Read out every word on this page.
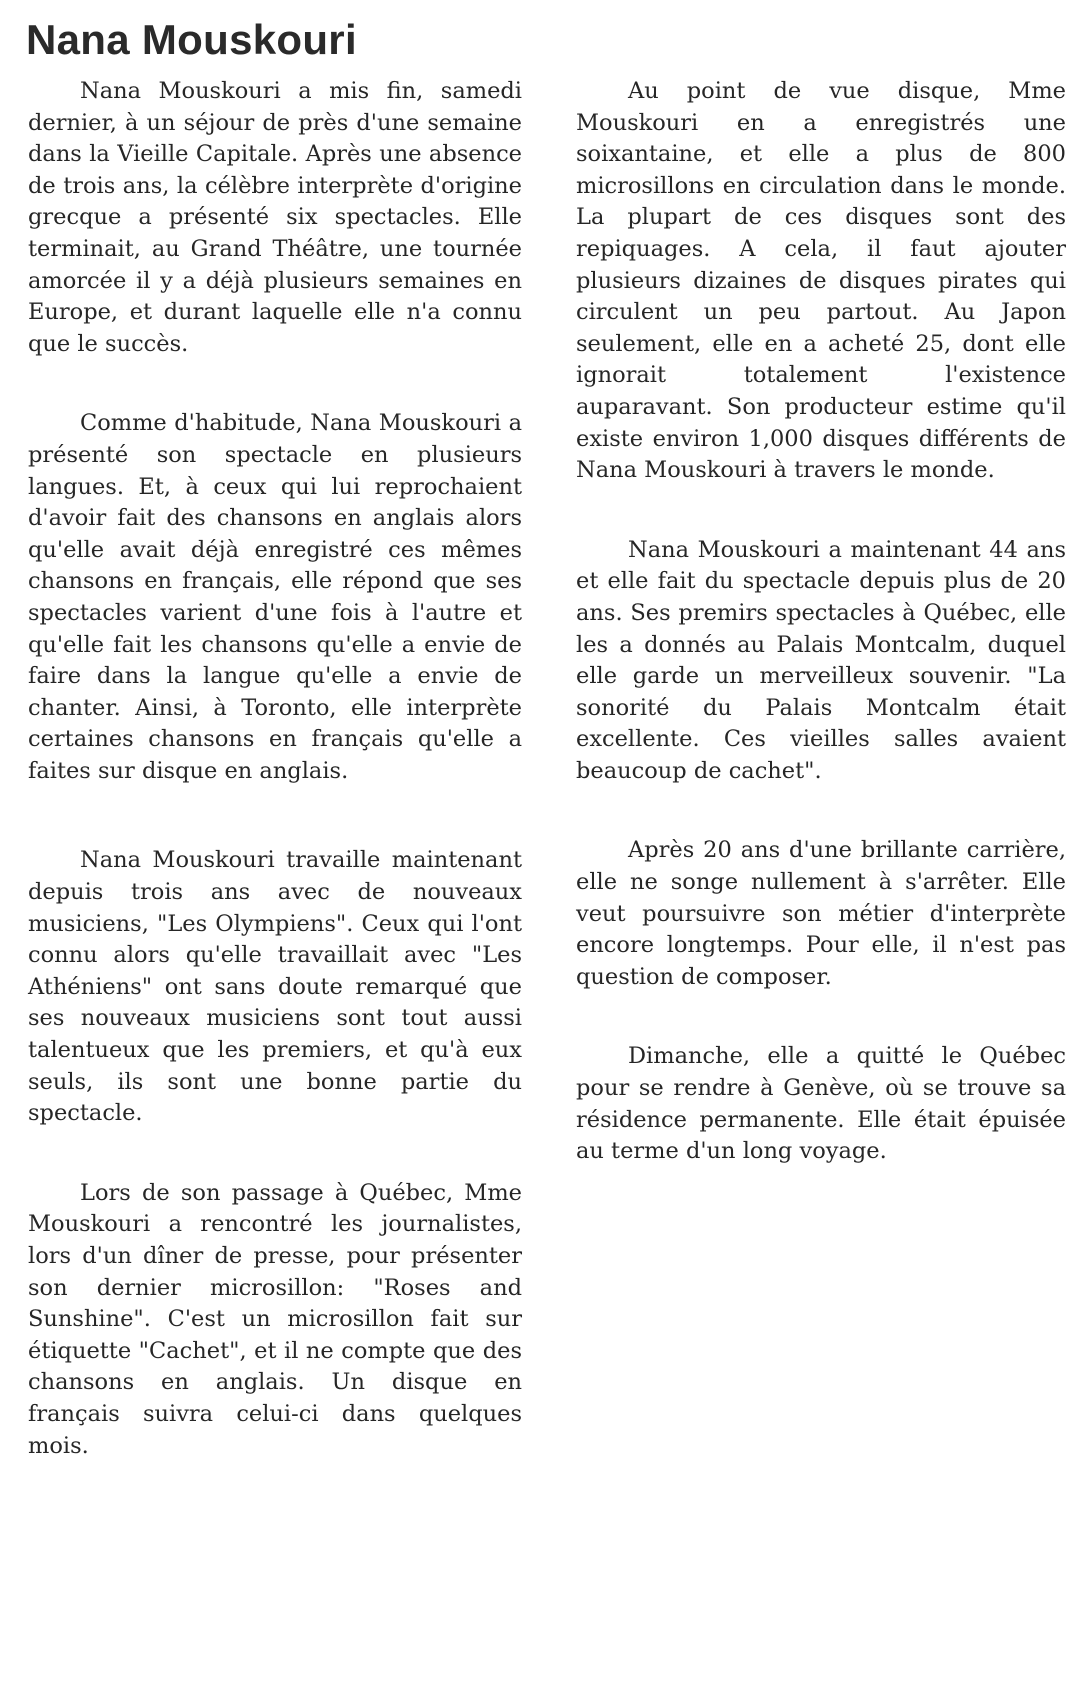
Nana Mouskouri

Nana Mouskouri a mis fin, samedi dernier, à un séjour de près d'une semaine dans la Vieille Capitale. Après une absence de trois ans, la célèbre interprète d'origine grecque a présenté six spectacles. Elle terminait, au Grand Théâtre, une tournée amorcée il y a déjà plusieurs semaines en Europe, et durant laquelle elle n'a connu que le succès.

Comme d'habitude, Nana Mouskouri a présenté son spectacle en plusieurs langues. Et, à ceux qui lui reprochaient d'avoir fait des chansons en anglais alors qu'elle avait déjà enregistré ces mêmes chansons en français, elle répond que ses spectacles varient d'une fois à l'autre et qu'elle fait les chansons qu'elle a envie de faire dans la langue qu'elle a envie de chanter. Ainsi, à Toronto, elle interprète certaines chansons en français qu'elle a faites sur disque en anglais.

Nana Mouskouri travaille maintenant depuis trois ans avec de nouveaux musiciens, "Les Olympiens". Ceux qui l'ont connu alors qu'elle travaillait avec "Les Athéniens" ont sans doute remarqué que ses nouveaux musiciens sont tout aussi talentueux que les premiers, et qu'à eux seuls, ils sont une bonne partie du spectacle.

Lors de son passage à Québec, Mme Mouskouri a rencontré les journalistes, lors d'un dîner de presse, pour présenter son dernier microsillon: "Roses and Sunshine". C'est un microsillon fait sur étiquette "Cachet", et il ne compte que des chansons en anglais. Un disque en français suivra celui-ci dans quelques mois.

Au point de vue disque, Mme Mouskouri en a enregistrés une soixantaine, et elle a plus de 800 microsillons en circulation dans le monde. La plupart de ces disques sont des repiquages. A cela, il faut ajouter plusieurs dizaines de disques pirates qui circulent un peu partout. Au Japon seulement, elle en a acheté 25, dont elle ignorait totalement l'existence auparavant. Son producteur estime qu'il existe environ 1,000 disques différents de Nana Mouskouri à travers le monde.

Nana Mouskouri a maintenant 44 ans et elle fait du spectacle depuis plus de 20 ans. Ses premirs spectacles à Québec, elle les a donnés au Palais Montcalm, duquel elle garde un merveilleux souvenir. "La sonorité du Palais Montcalm était excellente. Ces vieilles salles avaient beaucoup de cachet".

Après 20 ans d'une brillante carrière, elle ne songe nullement à s'arrêter. Elle veut poursuivre son métier d'interprète encore longtemps. Pour elle, il n'est pas question de composer.

Dimanche, elle a quitté le Québec pour se rendre à Genève, où se trouve sa résidence permanente. Elle était épuisée au terme d'un long voyage.
